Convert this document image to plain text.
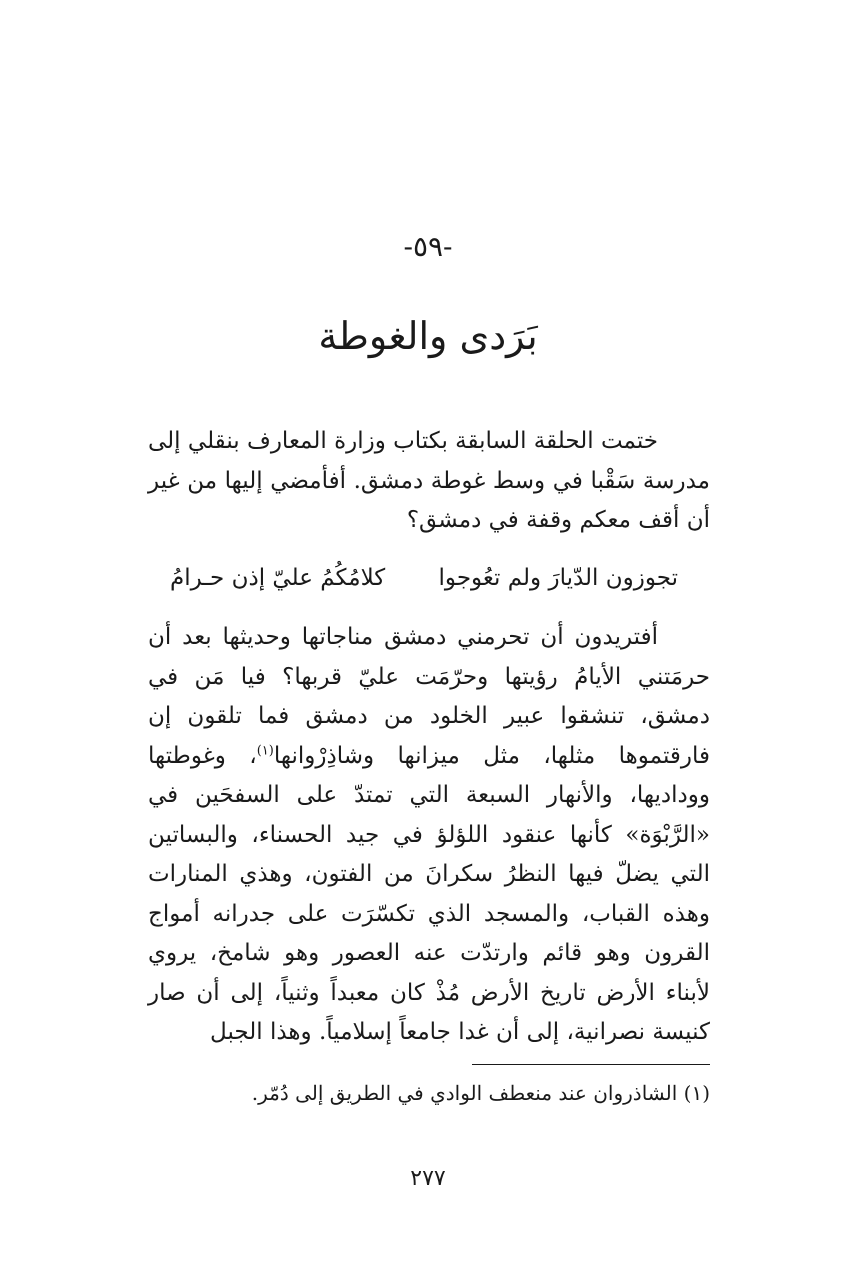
-٥٩-
بَرَدى والغوطة
ختمت الحلقة السابقة بكتاب وزارة المعارف بنقلي إلى مدرسة سَقْبا في وسط غوطة دمشق. أفأمضي إليها من غير أن أقف معكم وقفة في دمشق؟
تجوزون الدّيارَ ولم تعُوجوا
كلامُكُمُ عليّ إذن حـرامُ
أفتريدون أن تحرمني دمشق مناجاتها وحديثها بعد أن حرمَتني الأيامُ رؤيتها وحرّمَت عليّ قربها؟ فيا مَن في دمشق، تنشقوا عبير الخلود من دمشق فما تلقون إن فارقتموها مثلها، مثل ميزانها وشاذِرْوانها$^{(١)}$، وغوطتها ووداديها، والأنهار السبعة التي تمتدّ على السفحَين في «الرَّبْوَة» كأنها عنقود اللؤلؤ في جيد الحسناء، والبساتين التي يضلّ فيها النظرُ سكرانَ من الفتون، وهذي المنارات وهذه القباب، والمسجد الذي تكسّرَت على جدرانه أمواج القرون وهو قائم وارتدّت عنه العصور وهو شامخ، يروي لأبناء الأرض تاريخ الأرض مُذْ كان معبداً وثنياً، إلى أن صار كنيسة نصرانية، إلى أن غدا جامعاً إسلامياً. وهذا الجبل
(١) الشاذروان عند منعطف الوادي في الطريق إلى دُمّر.
٢٧٧
